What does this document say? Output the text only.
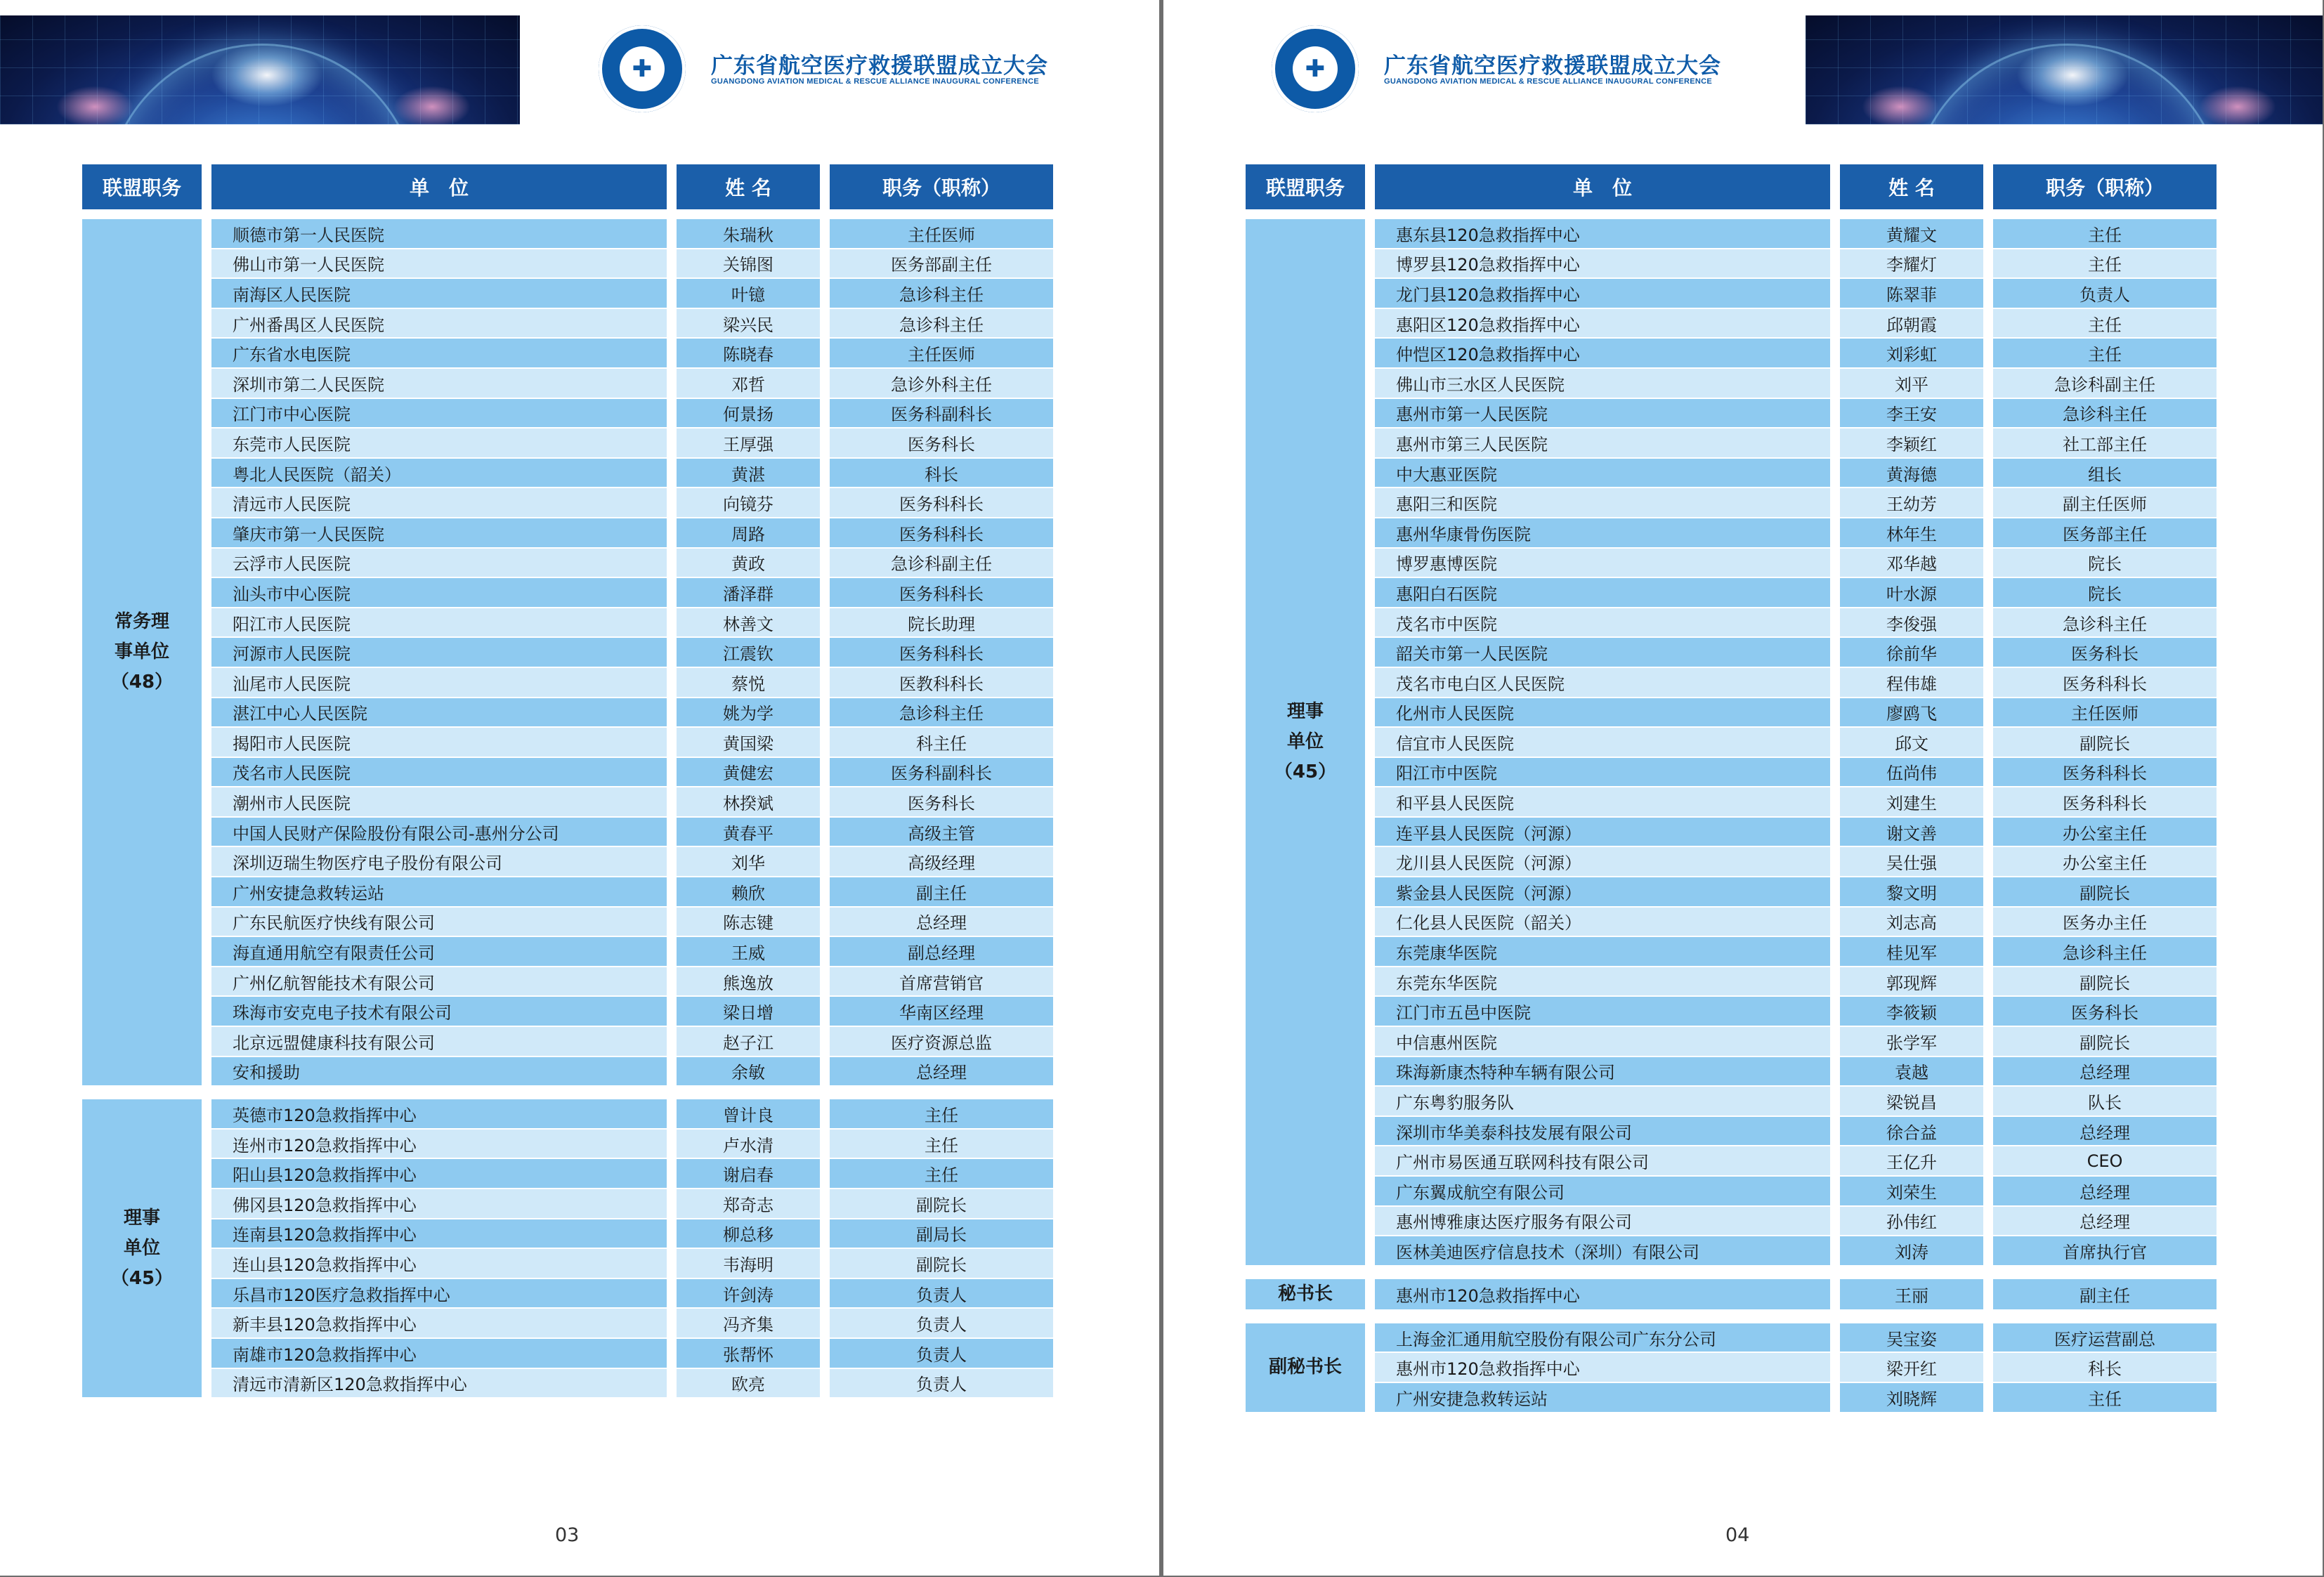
✚	广东省航空医疗救援联盟成立大会
GUANGDONG AVIATION MEDICAL & RESCUE ALLIANCE INAUGURAL CONFERENCE
联盟职务	单　位	姓 名	职务（职称）

常务理
事单位
（48）	顺德市第一人民医院	朱瑞秋	主任医师
	佛山市第一人民医院	关锦图	医务部副主任
	南海区人民医院	叶镱	急诊科主任
	广州番禺区人民医院	梁兴民	急诊科主任
	广东省水电医院	陈晓春	主任医师
	深圳市第二人民医院	邓哲	急诊外科主任
	江门市中心医院	何景扬	医务科副科长
	东莞市人民医院	王厚强	医务科长
	粤北人民医院（韶关）	黄湛	科长
	清远市人民医院	向镜芬	医务科科长
	肇庆市第一人民医院	周路	医务科科长
	云浮市人民医院	黄政	急诊科副主任
	汕头市中心医院	潘泽群	医务科科长
	阳江市人民医院	林善文	院长助理
	河源市人民医院	江震钦	医务科科长
	汕尾市人民医院	蔡悦	医教科科长
	湛江中心人民医院	姚为学	急诊科主任
	揭阳市人民医院	黄国梁	科主任
	茂名市人民医院	黄健宏	医务科副科长
	潮州市人民医院	林揆斌	医务科长
	中国人民财产保险股份有限公司-惠州分公司	黄春平	高级主管
	深圳迈瑞生物医疗电子股份有限公司	刘华	高级经理
	广州安捷急救转运站	赖欣	副主任
	广东民航医疗快线有限公司	陈志键	总经理
	海直通用航空有限责任公司	王威	副总经理
	广州亿航智能技术有限公司	熊逸放	首席营销官
	珠海市安克电子技术有限公司	梁日增	华南区经理
	北京远盟健康科技有限公司	赵子江	医疗资源总监
	安和援助	余敏	总经理

理事
单位
（45）	英德市120急救指挥中心	曾计良	主任
	连州市120急救指挥中心	卢水清	主任
	阳山县120急救指挥中心	谢启春	主任
	佛冈县120急救指挥中心	郑奇志	副院长
	连南县120急救指挥中心	柳总移	副局长
	连山县120急救指挥中心	韦海明	副院长
	乐昌市120医疗急救指挥中心	许剑涛	负责人
	新丰县120急救指挥中心	冯齐集	负责人
	南雄市120急救指挥中心	张帮怀	负责人
	清远市清新区120急救指挥中心	欧亮	负责人
03
✚	广东省航空医疗救援联盟成立大会
GUANGDONG AVIATION MEDICAL & RESCUE ALLIANCE INAUGURAL CONFERENCE
联盟职务	单　位	姓 名	职务（职称）

理事
单位
（45）	惠东县120急救指挥中心	黄耀文	主任
	博罗县120急救指挥中心	李耀灯	主任
	龙门县120急救指挥中心	陈翠菲	负责人
	惠阳区120急救指挥中心	邱朝霞	主任
	仲恺区120急救指挥中心	刘彩虹	主任
	佛山市三水区人民医院	刘平	急诊科副主任
	惠州市第一人民医院	李王安	急诊科主任
	惠州市第三人民医院	李颖红	社工部主任
	中大惠亚医院	黄海德	组长
	惠阳三和医院	王幼芳	副主任医师
	惠州华康骨伤医院	林年生	医务部主任
	博罗惠博医院	邓华越	院长
	惠阳白石医院	叶水源	院长
	茂名市中医院	李俊强	急诊科主任
	韶关市第一人民医院	徐前华	医务科长
	茂名市电白区人民医院	程伟雄	医务科科长
	化州市人民医院	廖鸥飞	主任医师
	信宜市人民医院	邱文	副院长
	阳江市中医院	伍尚伟	医务科科长
	和平县人民医院	刘建生	医务科科长
	连平县人民医院（河源）	谢文善	办公室主任
	龙川县人民医院（河源）	吴仕强	办公室主任
	紫金县人民医院（河源）	黎文明	副院长
	仁化县人民医院（韶关）	刘志高	医务办主任
	东莞康华医院	桂见军	急诊科主任
	东莞东华医院	郭现辉	副院长
	江门市五邑中医院	李筱颖	医务科长
	中信惠州医院	张学军	副院长
	珠海新康杰特种车辆有限公司	袁越	总经理
	广东粤豹服务队	梁锐昌	队长
	深圳市华美泰科技发展有限公司	徐合益	总经理
	广州市易医通互联网科技有限公司	王亿升	CEO
	广东翼成航空有限公司	刘荣生	总经理
	惠州博雅康达医疗服务有限公司	孙伟红	总经理
	医林美迪医疗信息技术（深圳）有限公司	刘涛	首席执行官

秘书长	惠州市120急救指挥中心	王丽	副主任

副秘书长	上海金汇通用航空股份有限公司广东分公司	吴宝姿	医疗运营副总
	惠州市120急救指挥中心	梁开红	科长
	广州安捷急救转运站	刘晓辉	主任
04
